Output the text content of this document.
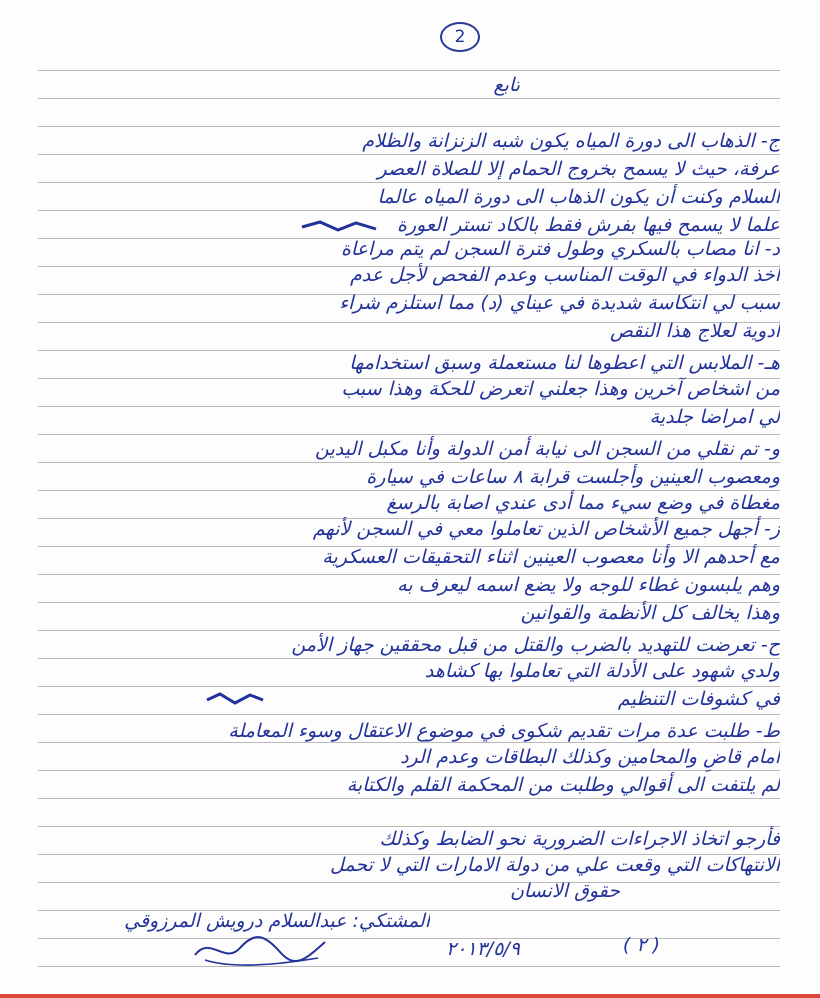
2
تابع
ج- الذهاب الى دورة المياه يكون شبه الزنزانة والظلام
عرفة، حيث لا يسمح بخروج الحمام إلا للصلاة العصر
السلام وكنت أن يكون الذهاب الى دورة المياه عالما
علما لا يسمح فيها بفرش فقط بالكاد تستر العورة
د- انا مصاب بالسكري وطول فترة السجن لم يتم مراعاة
أخذ الدواء في الوقت المناسب وعدم الفحص لأجل عدم
سبب لي انتكاسة شديدة في عيناي (د) مما استلزم شراء
أدوية لعلاج هذا النقص
هـ- الملابس التي اعطوها لنا مستعملة وسبق استخدامها
من اشخاص آخرين وهذا جعلني اتعرض للحكة وهذا سبب
لي امراضا جلدية
و- تم نقلي من السجن الى نيابة أمن الدولة وأنا مكبل اليدين
ومعصوب العينين وأجلست قرابة ٨ ساعات في سيارة
مغطاة في وضع سيء مما أدى عندي اصابة بالرسغ
ز- أجهل جميع الأشخاص الذين تعاملوا معي في السجن لأنهم
مع أحدهم الا وأنا معصوب العينين اثناء التحقيقات العسكرية
وهم يلبسون غطاء للوجه ولا يضع اسمه ليعرف به
وهذا يخالف كل الأنظمة والقوانين
ح- تعرضت للتهديد بالضرب والقتل من قبل محققين جهاز الأمن
ولدي شهود على الأدلة التي تعاملوا بها كشاهد
في كشوفات التنظيم
ط- طلبت عدة مرات تقديم شكوى في موضوع الاعتقال وسوء المعاملة
أمام قاضٍ والمحامين وكذلك البطاقات وعدم الرد
لم يلتفت الى أقوالي وطلبت من المحكمة القلم والكتابة
فأرجو اتخاذ الاجراءات الضرورية نحو الضابط وكذلك
الانتهاكات التي وقعت علي من دولة الامارات التي لا تحمل
حقوق الانسان
المشتكي: عبدالسلام درويش المرزوقي
٢٠١٣/٥/٩	( ٢ )
